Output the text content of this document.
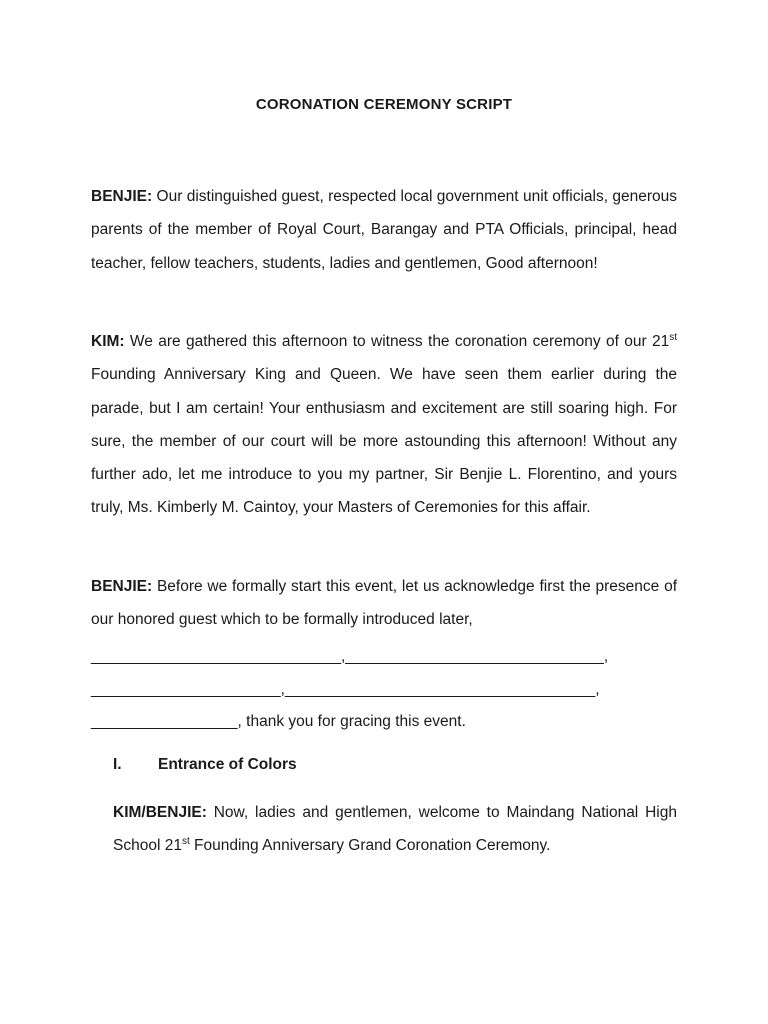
CORONATION CEREMONY SCRIPT

BENJIE: Our distinguished guest, respected local government unit officials, generous parents of the member of Royal Court, Barangay and PTA Officials, principal, head teacher, fellow teachers, students, ladies and gentlemen, Good afternoon!

KIM: We are gathered this afternoon to witness the coronation ceremony of our 21st Founding Anniversary King and Queen. We have seen them earlier during the parade, but I am certain! Your enthusiasm and excitement are still soaring high. For sure, the member of our court will be more astounding this afternoon! Without any further ado, let me introduce to you my partner, Sir Benjie L. Florentino, and yours truly, Ms. Kimberly M. Caintoy, your Masters of Ceremonies for this affair.

BENJIE: Before we formally start this event, let us acknowledge first the presence of our honored guest which to be formally introduced later,

_____________________________,______________________________,
______________________,____________________________________,
_________________, thank you for gracing this event.
I.	Entrance of Colors

KIM/BENJIE: Now, ladies and gentlemen, welcome to Maindang National High School 21st Founding Anniversary Grand Coronation Ceremony.
